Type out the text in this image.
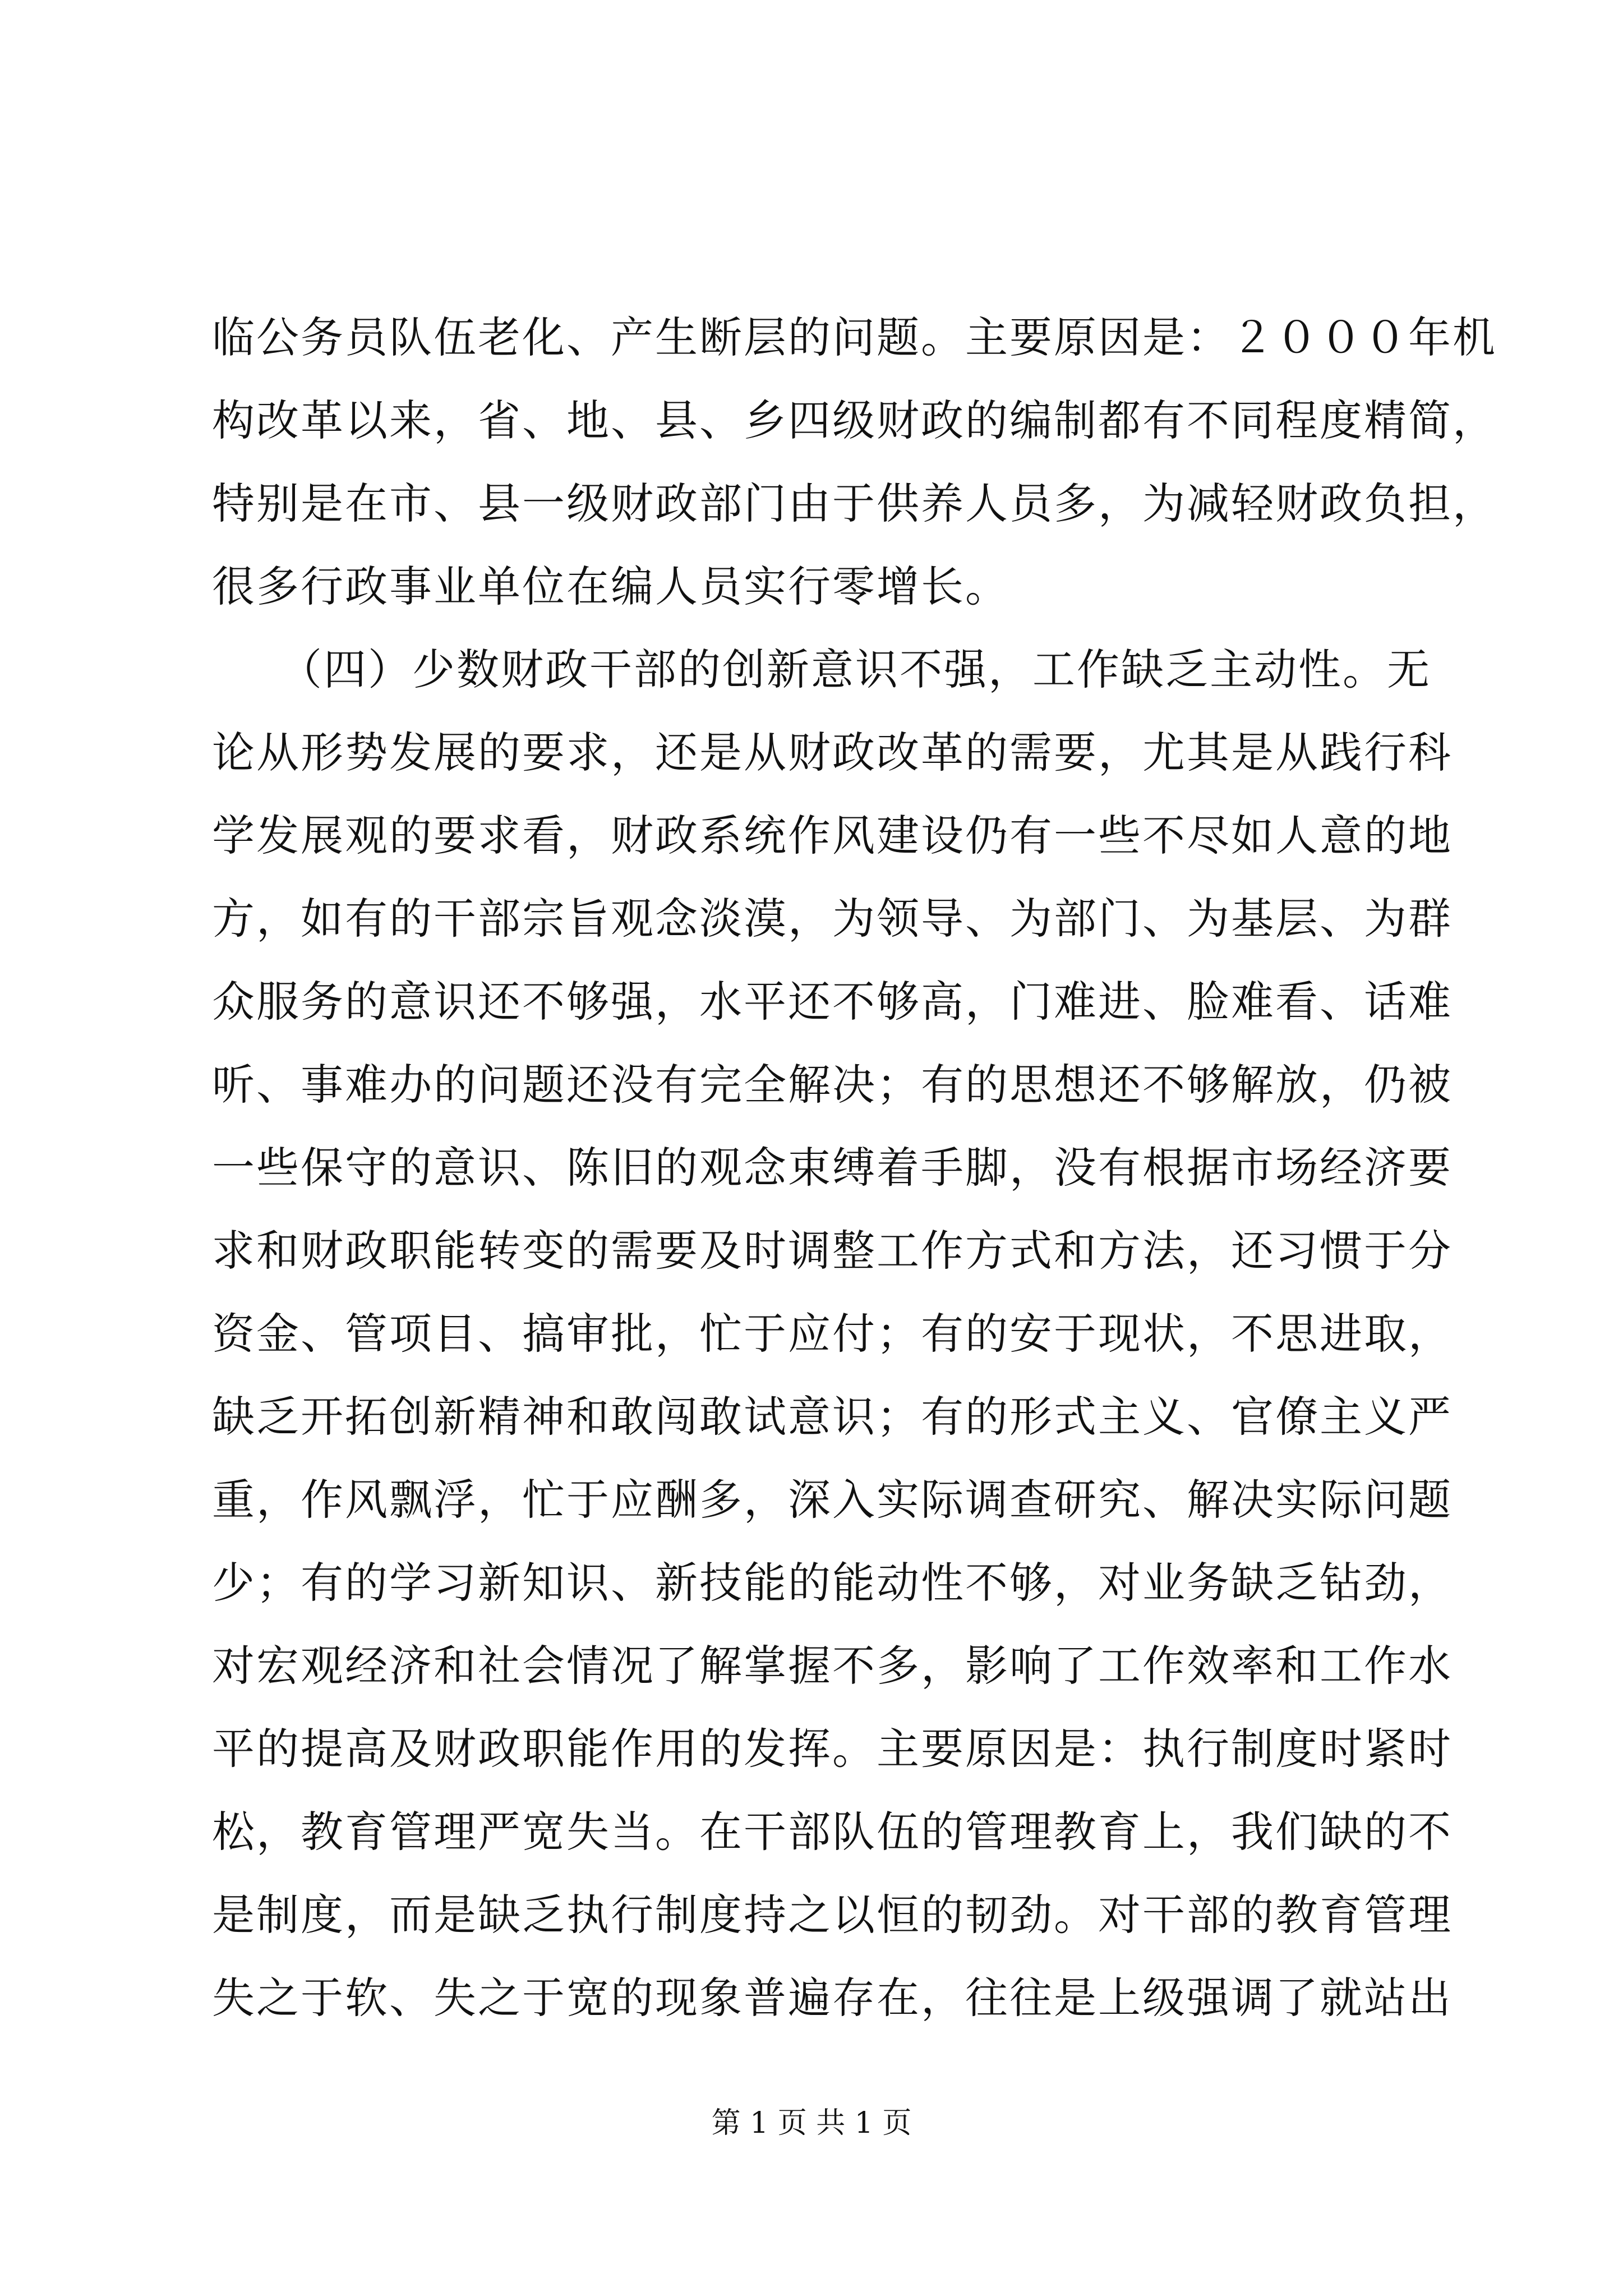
临公务员队伍老化、产生断层的问题。主要原因是：２０００年机
构改革以来，省、地、县、乡四级财政的编制都有不同程度精简，
特别是在市、县一级财政部门由于供养人员多，为减轻财政负担，
很多行政事业单位在编人员实行零增长。
　　（四）少数财政干部的创新意识不强，工作缺乏主动性。无
论从形势发展的要求，还是从财政改革的需要，尤其是从践行科
学发展观的要求看，财政系统作风建设仍有一些不尽如人意的地
方，如有的干部宗旨观念淡漠，为领导、为部门、为基层、为群
众服务的意识还不够强，水平还不够高，门难进、脸难看、话难
听、事难办的问题还没有完全解决；有的思想还不够解放，仍被
一些保守的意识、陈旧的观念束缚着手脚，没有根据市场经济要
求和财政职能转变的需要及时调整工作方式和方法，还习惯于分
资金、管项目、搞审批，忙于应付；有的安于现状，不思进取，
缺乏开拓创新精神和敢闯敢试意识；有的形式主义、官僚主义严
重，作风飘浮，忙于应酬多，深入实际调查研究、解决实际问题
少；有的学习新知识、新技能的能动性不够，对业务缺乏钻劲，
对宏观经济和社会情况了解掌握不多，影响了工作效率和工作水
平的提高及财政职能作用的发挥。主要原因是：执行制度时紧时
松，教育管理严宽失当。在干部队伍的管理教育上，我们缺的不
是制度，而是缺乏执行制度持之以恒的韧劲。对干部的教育管理
失之于软、失之于宽的现象普遍存在，往往是上级强调了就站出
第 1 页 共 1 页
